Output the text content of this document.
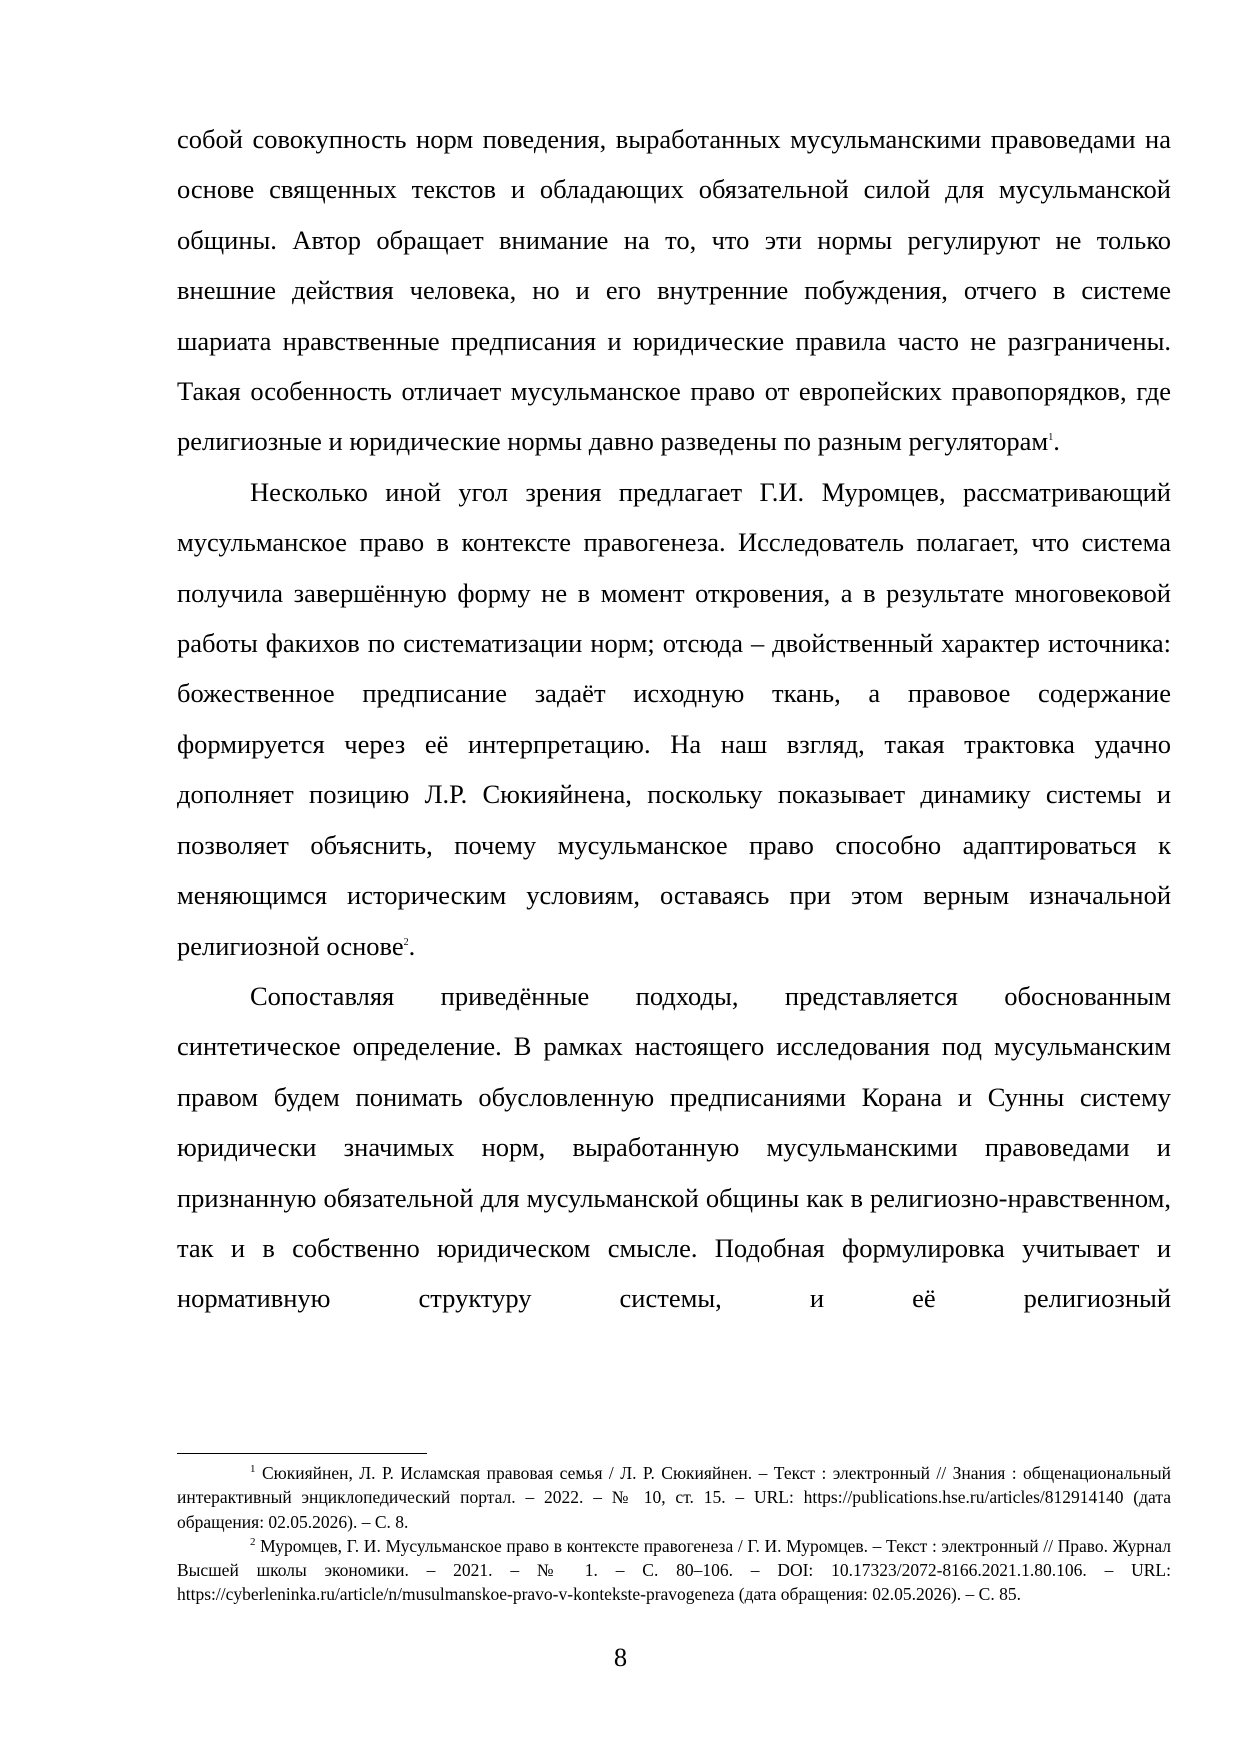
собой совокупность норм поведения, выработанных мусульманскими правоведами на основе священных текстов и обладающих обязательной силой для мусульманской общины. Автор обращает внимание на то, что эти нормы регулируют не только внешние действия человека, но и его внутренние побуждения, отчего в системе шариата нравственные предписания и юридические правила часто не разграничены. Такая особенность отличает мусульманское право от европейских правопорядков, где религиозные и юридические нормы давно разведены по разным регуляторам$^1$.

Несколько иной угол зрения предлагает Г.И. Муромцев, рассматривающий мусульманское право в контексте правогенеза. Исследователь полагает, что система получила завершённую форму не в момент откровения, а в результате многовековой работы факихов по систематизации норм; отсюда – двойственный характер источника: божественное предписание задаёт исходную ткань, а правовое содержание формируется через её интерпретацию. На наш взгляд, такая трактовка удачно дополняет позицию Л.Р. Сюкияйнена, поскольку показывает динамику системы и позволяет объяснить, почему мусульманское право способно адаптироваться к меняющимся историческим условиям, оставаясь при этом верным изначальной религиозной основе$^2$.

Сопоставляя приведённые подходы, представляется обоснованным синтетическое определение. В рамках настоящего исследования под мусульманским правом будем понимать обусловленную предписаниями Корана и Сунны систему юридически значимых норм, выработанную мусульманскими правоведами и признанную обязательной для мусульманской общины как в религиозно-нравственном, так и в собственно юридическом смысле. Подобная формулировка учитывает и нормативную структуру системы, и её религиозный

$^1$ Сюкияйнен, Л. Р. Исламская правовая семья / Л. Р. Сюкияйнен. – Текст : электронный // Знания : общенациональный интерактивный энциклопедический портал. – 2022. – № 10, ст. 15. – URL: https://publications.hse.ru/articles/812914140 (дата обращения: 02.05.2026). – С. 8.

$^2$ Муромцев, Г. И. Мусульманское право в контексте правогенеза / Г. И. Муромцев. – Текст : электронный // Право. Журнал Высшей школы экономики. – 2021. – № 1. – С. 80–106. – DOI: 10.17323/2072-8166.2021.1.80.106. – URL: https://cyberleninka.ru/article/n/musulmanskoe-pravo-v-kontekste-pravogeneza (дата обращения: 02.05.2026). – С. 85.

8
